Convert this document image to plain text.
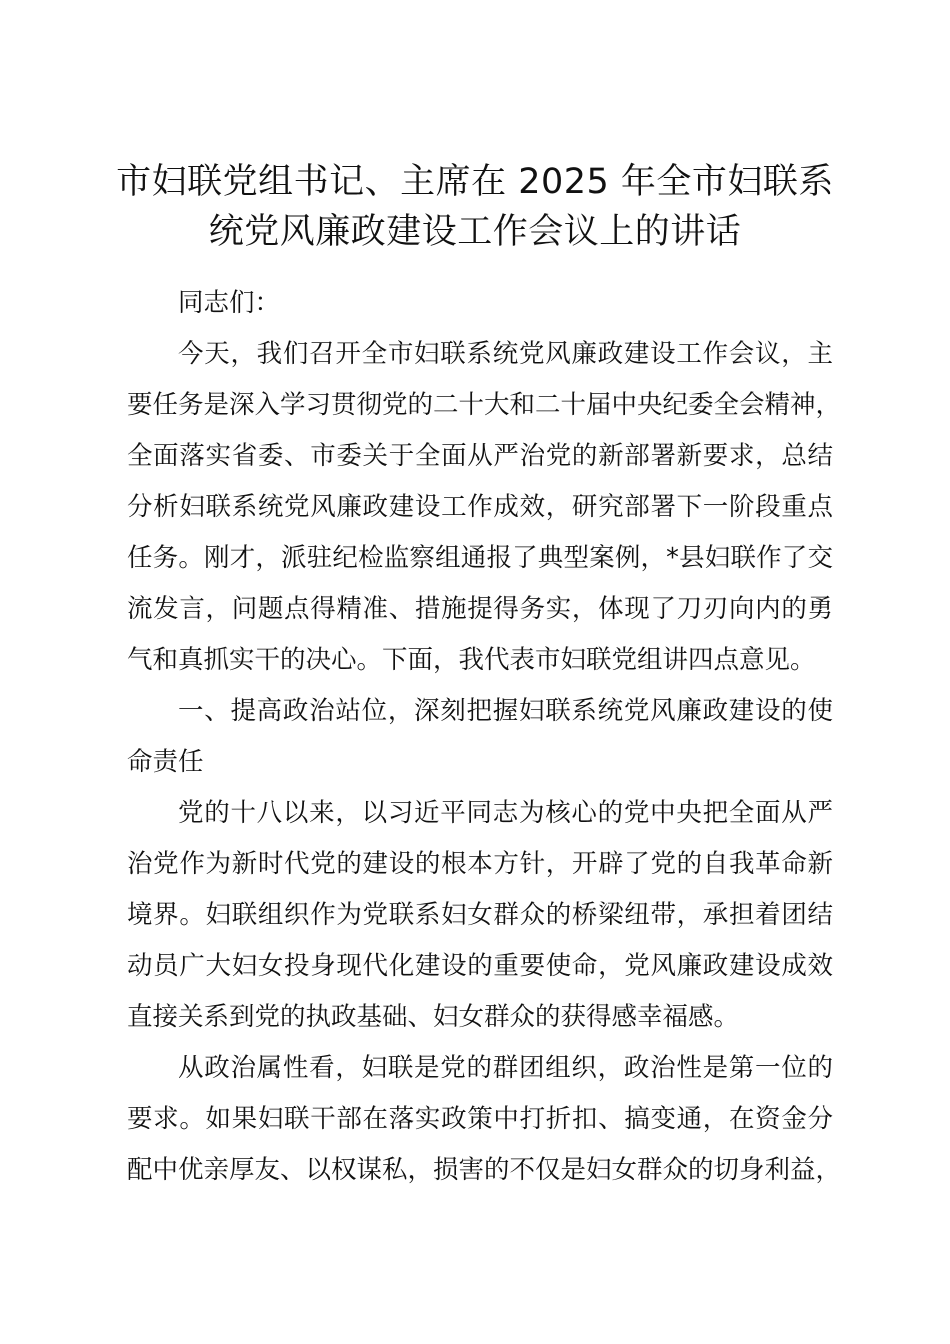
市妇联党组书记、主席在 2025 年全市妇联系
统党风廉政建设工作会议上的讲话
同志们：
今天，我们召开全市妇联系统党风廉政建设工作会议，主
要任务是深入学习贯彻党的二十大和二十届中央纪委全会精神，
全面落实省委、市委关于全面从严治党的新部署新要求，总结
分析妇联系统党风廉政建设工作成效，研究部署下一阶段重点
任务。刚才，派驻纪检监察组通报了典型案例，*县妇联作了交
流发言，问题点得精准、措施提得务实，体现了刀刃向内的勇
气和真抓实干的决心。下面，我代表市妇联党组讲四点意见。
一、提高政治站位，深刻把握妇联系统党风廉政建设的使
命责任
党的十八以来，以习近平同志为核心的党中央把全面从严
治党作为新时代党的建设的根本方针，开辟了党的自我革命新
境界。妇联组织作为党联系妇女群众的桥梁纽带，承担着团结
动员广大妇女投身现代化建设的重要使命，党风廉政建设成效
直接关系到党的执政基础、妇女群众的获得感幸福感。
从政治属性看，妇联是党的群团组织，政治性是第一位的
要求。如果妇联干部在落实政策中打折扣、搞变通，在资金分
配中优亲厚友、以权谋私，损害的不仅是妇女群众的切身利益，
